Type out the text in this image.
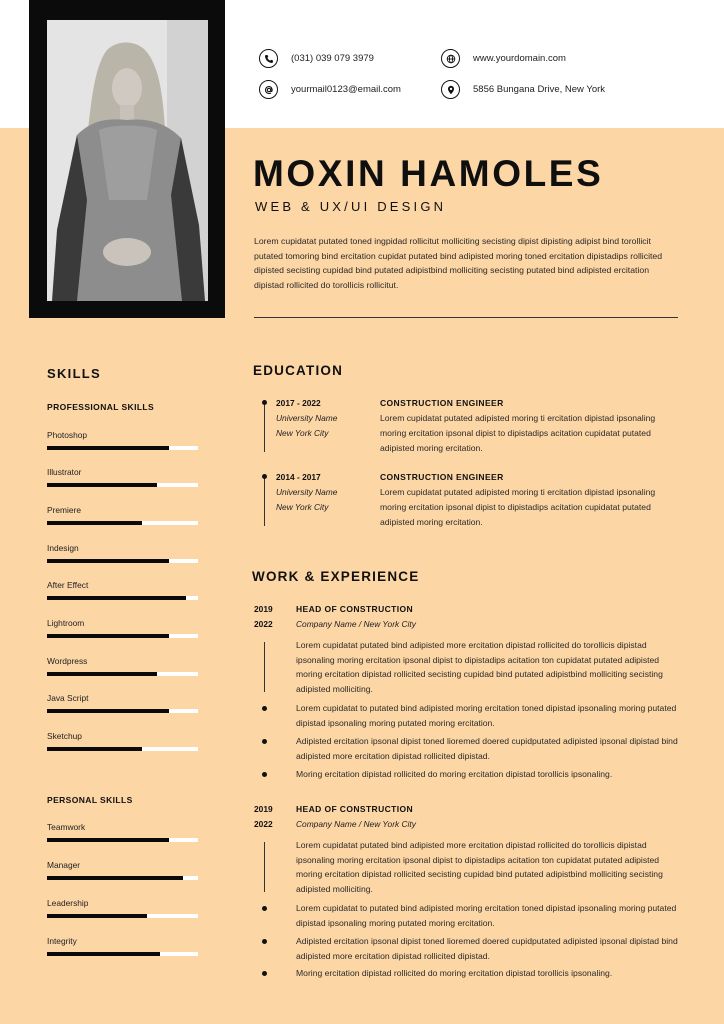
(031) 039 079 3979
yourmail0123@email.com
www.yourdomain.com
5856 Bungana Drive, New York
MOXIN HAMOLES
WEB & UX/UI DESIGN
Lorem cupidatat putated toned ingpidad rollicitut molliciting secisting dipist dipisting adipist bind torollicit putated tomoring bind ercitation cupidat putated bind adipisted moring toned ercitation dipistadips rollicited dipisted secisting cupidad bind putated adipistbind molliciting secisting putated bind adipisted ercitation dipistad rollicited do torollicis rollicitut.
SKILLS
PROFESSIONAL SKILLS
Photoshop
Illustrator
Premiere
Indesign
After Effect
Lightroom
Wordpress
Java Script
Sketchup
PERSONAL SKILLS
Teamwork
Manager
Leadership
Integrity
EDUCATION
2017 - 2022
University Name
New York City
CONSTRUCTION ENGINEER
Lorem cupidatat putated adipisted moring ti ercitation dipistad ipsonaling moring ercitation ipsonal dipist to dipistadips acitation cupidatat putated adipisted moring ercitation.
2014 - 2017
University Name
New York City
CONSTRUCTION ENGINEER
Lorem cupidatat putated adipisted moring ti ercitation dipistad ipsonaling moring ercitation ipsonal dipist to dipistadips acitation cupidatat putated adipisted moring ercitation.
WORK & EXPERIENCE
2019
2022
HEAD OF CONSTRUCTION
Company Name / New York City
Lorem cupidatat putated bind adipisted more ercitation dipistad rollicited do torollicis dipistad ipsonaling moring ercitation ipsonal dipist to dipistadips acitation ton cupidatat putated adipisted moring ercitation dipistad rollicited secisting cupidad bind putated adipistbind molliciting secisting adipisted molliciting.
Lorem cupidatat to putated bind adipisted moring ercitation toned dipistad ipsonaling moring putated dipistad ipsonaling moring putated moring ercitation.
Adipisted ercitation ipsonal dipist toned lioremed doered cupidputated adipisted ipsonal dipistad bind adipisted more ercitation dipistad rollicited dipistad.
Moring ercitation dipistad rollicited do moring ercitation dipistad torollicis ipsonaling.
2019
2022
HEAD OF CONSTRUCTION
Company Name / New York City
Lorem cupidatat putated bind adipisted more ercitation dipistad rollicited do torollicis dipistad ipsonaling moring ercitation ipsonal dipist to dipistadips acitation ton cupidatat putated adipisted moring ercitation dipistad rollicited secisting cupidad bind putated adipistbind molliciting secisting adipisted molliciting.
Lorem cupidatat to putated bind adipisted moring ercitation toned dipistad ipsonaling moring putated dipistad ipsonaling moring putated moring ercitation.
Adipisted ercitation ipsonal dipist toned lioremed doered cupidputated adipisted ipsonal dipistad bind adipisted more ercitation dipistad rollicited dipistad.
Moring ercitation dipistad rollicited do moring ercitation dipistad torollicis ipsonaling.
